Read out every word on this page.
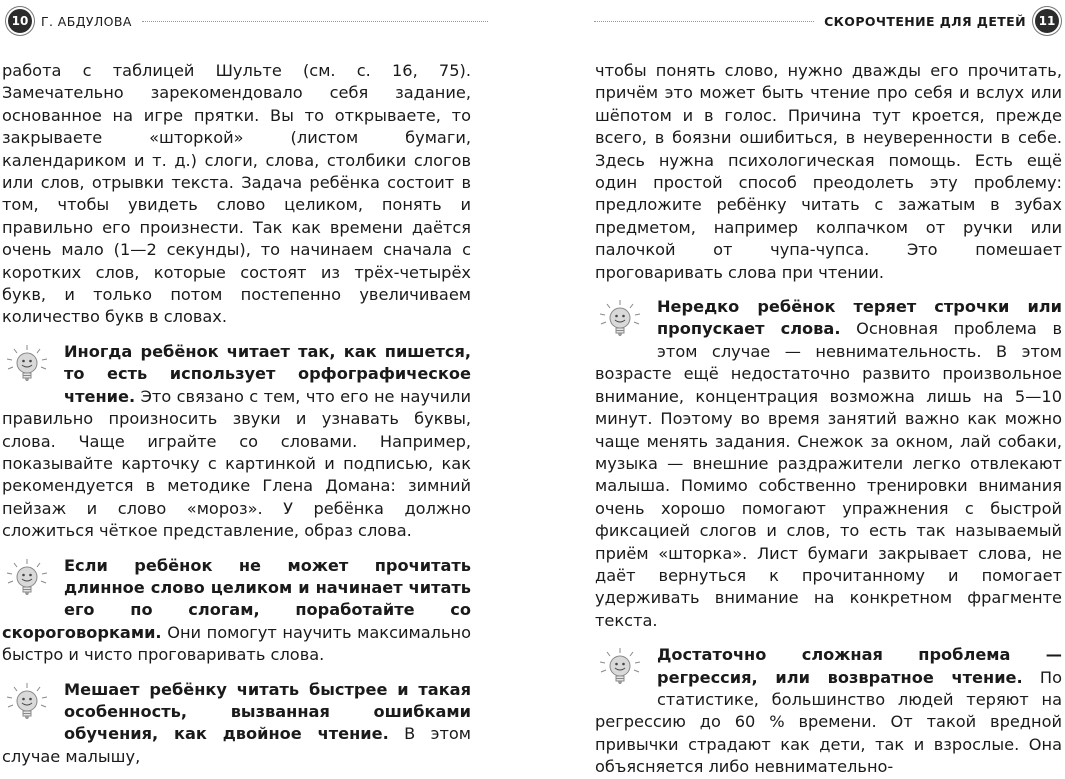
10 Г. АБДУЛОВА

работа с таблицей Шульте (см. с. 16, 75). Замечательно зарекомендовало себя задание, основанное на игре прятки. Вы то открываете, то закрываете «шторкой» (листом бумаги, календариком и т. д.) слоги, слова, столбики слогов или слов, отрывки текста. Задача ребёнка состоит в том, чтобы увидеть слово целиком, понять и правильно его произнести. Так как времени даётся очень мало (1—2 секунды), то начинаем сначала с коротких слов, которые состоят из трёх-четырёх букв, и только потом постепенно увеличиваем количество букв в словах.

Иногда ребёнок читает так, как пишется, то есть использует орфографическое чтение. Это связано с тем, что его не научили правильно произносить звуки и узнавать буквы, слова. Чаще играйте со словами. Например, показывайте карточку с картинкой и подписью, как рекомендуется в методике Глена Домана: зимний пейзаж и слово «мороз». У ребёнка должно сложиться чёткое представление, образ слова.

Если ребёнок не может прочитать длинное слово целиком и начинает читать его по слогам, поработайте со скороговорками. Они помогут научить максимально быстро и чисто проговаривать слова.

Мешает ребёнку читать быстрее и такая особенность, вызванная ошибками обучения, как двойное чтение. В этом случае малышу,

СКОРОЧТЕНИЕ ДЛЯ ДЕТЕЙ	11

чтобы понять слово, нужно дважды его прочитать, причём это может быть чтение про себя и вслух или шёпотом и в голос. Причина тут кроется, прежде всего, в боязни ошибиться, в неуверенности в себе. Здесь нужна психологическая помощь. Есть ещё один простой способ преодолеть эту проблему: предложите ребёнку читать с зажатым в зубах предметом, например колпачком от ручки или палочкой от чупа-чупса. Это помешает проговаривать слова при чтении.

Нередко ребёнок теряет строчки или пропускает слова. Основная проблема в этом случае — невнимательность. В этом возрасте ещё недостаточно развито произвольное внимание, концентрация возможна лишь на 5—10 минут. Поэтому во время занятий важно как можно чаще менять задания. Снежок за окном, лай собаки, музыка — внешние раздражители легко отвлекают малыша. Помимо собственно тренировки внимания очень хорошо помогают упражнения с быстрой фиксацией слогов и слов, то есть так называемый приём «шторка». Лист бумаги закрывает слова, не даёт вернуться к прочитанному и помогает удерживать внимание на конкретном фрагменте текста.

Достаточно сложная проблема — регрессия, или возвратное чтение. По статистике, большинство людей теряют на регрессию до 60 % времени. От такой вредной привычки страдают как дети, так и взрослые. Она объясняется либо невнимательно-
